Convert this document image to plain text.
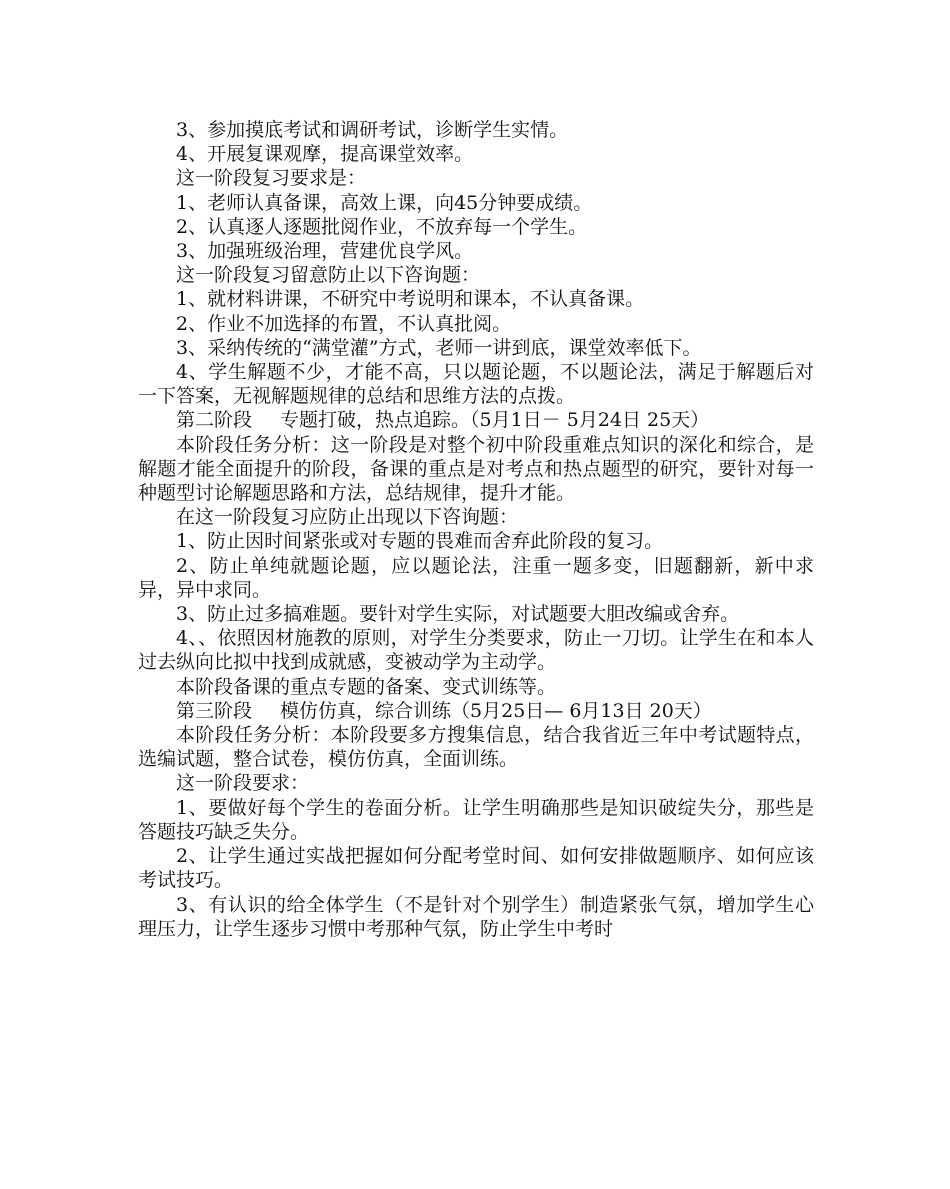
3、参加摸底考试和调研考试，诊断学生实情。

4、开展复课观摩，提高课堂效率。

这一阶段复习要求是：

1、老师认真备课，高效上课，向45分钟要成绩。

2、认真逐人逐题批阅作业，不放弃每一个学生。

3、加强班级治理，营建优良学风。

这一阶段复习留意防止以下咨询题：

1、就材料讲课，不研究中考说明和课本，不认真备课。

2、作业不加选择的布置，不认真批阅。

3、采纳传统的“满堂灌”方式，老师一讲到底，课堂效率低下。

4、学生解题不少，才能不高，只以题论题，不以题论法，满足于解题后对一下答案，无视解题规律的总结和思维方法的点拨。

第二阶段 专题打破，热点追踪。（5月1日－ 5月24日 25天）

本阶段任务分析：这一阶段是对整个初中阶段重难点知识的深化和综合，是解题才能全面提升的阶段，备课的重点是对考点和热点题型的研究，要针对每一种题型讨论解题思路和方法，总结规律，提升才能。

在这一阶段复习应防止出现以下咨询题：

1、防止因时间紧张或对专题的畏难而舍弃此阶段的复习。

2、防止单纯就题论题，应以题论法，注重一题多变，旧题翻新，新中求异，异中求同。

3、防止过多搞难题。要针对学生实际，对试题要大胆改编或舍弃。

4、、依照因材施教的原则，对学生分类要求，防止一刀切。让学生在和本人过去纵向比拟中找到成就感，变被动学为主动学。

本阶段备课的重点专题的备案、变式训练等。

第三阶段 模仿仿真，综合训练（5月25日— 6月13日 20天）

本阶段任务分析：本阶段要多方搜集信息，结合我省近三年中考试题特点，选编试题，整合试卷，模仿仿真，全面训练。

这一阶段要求：

1、要做好每个学生的卷面分析。让学生明确那些是知识破绽失分，那些是答题技巧缺乏失分。

2、让学生通过实战把握如何分配考堂时间、如何安排做题顺序、如何应该考试技巧。

3、有认识的给全体学生（不是针对个别学生）制造紧张气氛，增加学生心理压力，让学生逐步习惯中考那种气氛，防止学生中考时
